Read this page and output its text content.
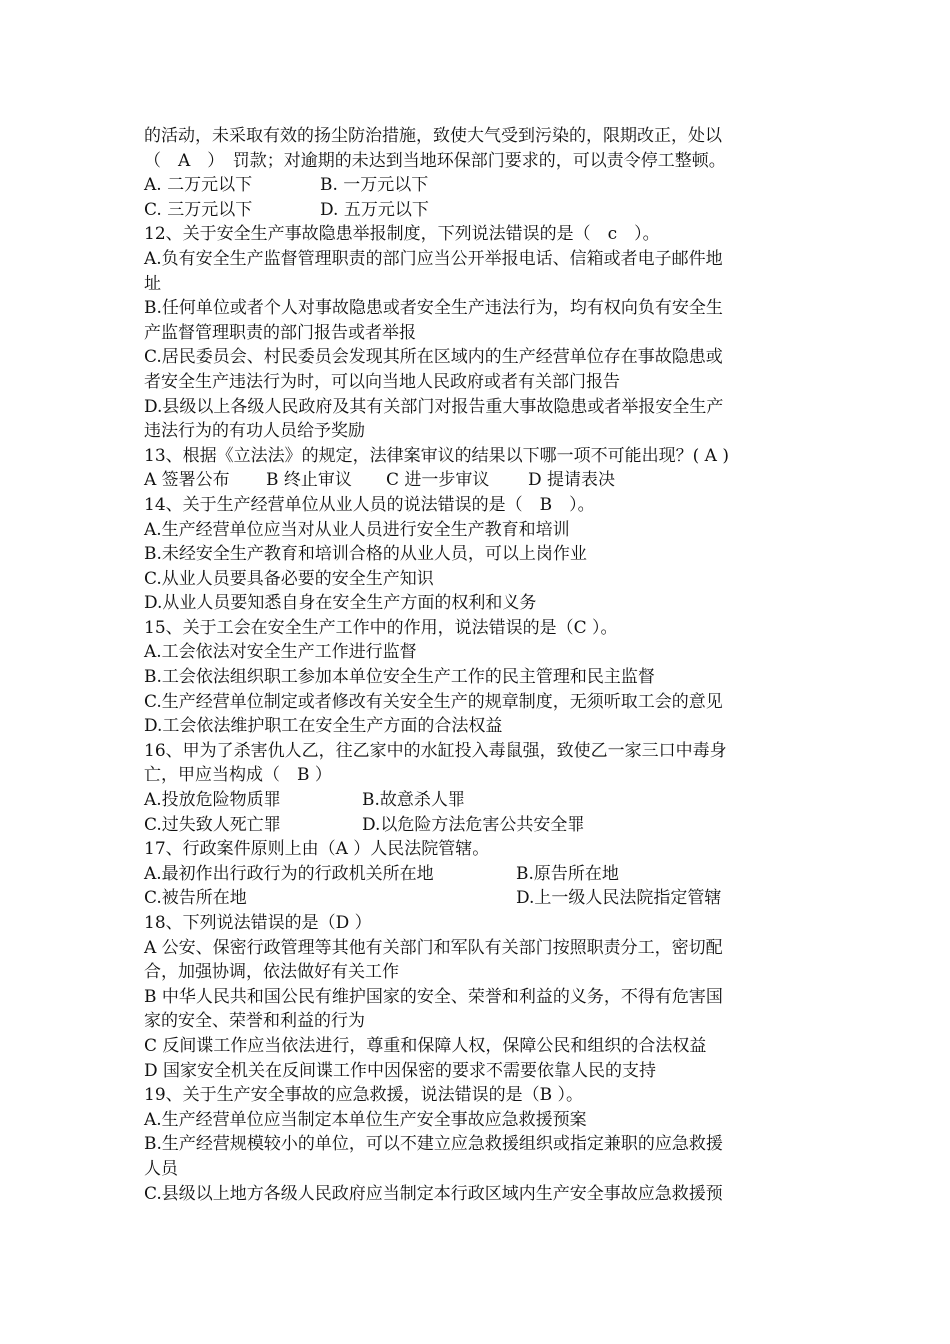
的活动，未采取有效的扬尘防治措施，致使大气受到污染的，限期改正，处以
（　A　）　罚款；对逾期的未达到当地环保部门要求的，可以责令停工整顿。
A. 二万元以下	B. 一万元以下
C. 三万元以下	D. 五万元以下
12、关于安全生产事故隐患举报制度，下列说法错误的是（　c　）。
A.负有安全生产监督管理职责的部门应当公开举报电话、信箱或者电子邮件地
址
B.任何单位或者个人对事故隐患或者安全生产违法行为，均有权向负有安全生
产监督管理职责的部门报告或者举报
C.居民委员会、村民委员会发现其所在区域内的生产经营单位存在事故隐患或
者安全生产违法行为时，可以向当地人民政府或者有关部门报告
D.县级以上各级人民政府及其有关部门对报告重大事故隐患或者举报安全生产
违法行为的有功人员给予奖励
13、根据《立法法》的规定，法律案审议的结果以下哪一项不可能出现？( A )
A 签署公布 B 终止审议 C 进一步审议 D 提请表决
14、关于生产经营单位从业人员的说法错误的是（　B　）。
A.生产经营单位应当对从业人员进行安全生产教育和培训
B.未经安全生产教育和培训合格的从业人员，可以上岗作业
C.从业人员要具备必要的安全生产知识
D.从业人员要知悉自身在安全生产方面的权利和义务
15、关于工会在安全生产工作中的作用，说法错误的是（C ）。
A.工会依法对安全生产工作进行监督
B.工会依法组织职工参加本单位安全生产工作的民主管理和民主监督
C.生产经营单位制定或者修改有关安全生产的规章制度，无须听取工会的意见
D.工会依法维护职工在安全生产方面的合法权益
16、甲为了杀害仇人乙，往乙家中的水缸投入毒鼠强，致使乙一家三口中毒身
亡，甲应当构成（　B ）
A.投放危险物质罪	B.故意杀人罪
C.过失致人死亡罪	D.以危险方法危害公共安全罪
17、行政案件原则上由（A ）人民法院管辖。
A.最初作出行政行为的行政机关所在地	B.原告所在地
C.被告所在地	D.上一级人民法院指定管辖
18、下列说法错误的是（D ）
A 公安、保密行政管理等其他有关部门和军队有关部门按照职责分工，密切配
合，加强协调，依法做好有关工作
B 中华人民共和国公民有维护国家的安全、荣誉和利益的义务，不得有危害国
家的安全、荣誉和利益的行为
C 反间谍工作应当依法进行，尊重和保障人权，保障公民和组织的合法权益
D 国家安全机关在反间谍工作中因保密的要求不需要依靠人民的支持
19、关于生产安全事故的应急救援，说法错误的是（B ）。
A.生产经营单位应当制定本单位生产安全事故应急救援预案
B.生产经营规模较小的单位，可以不建立应急救援组织或指定兼职的应急救援
人员
C.县级以上地方各级人民政府应当制定本行政区域内生产安全事故应急救援预
